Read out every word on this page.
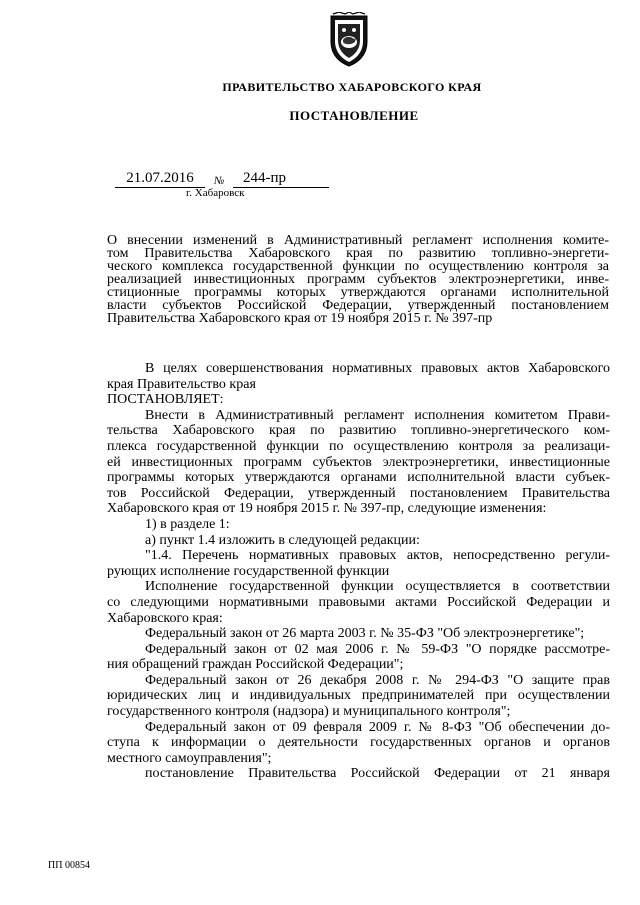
ПРАВИТЕЛЬСТВО ХАБАРОВСКОГО КРАЯ
ПОСТАНОВЛЕНИЕ
21.07.2016	№	244-пр
г. Хабаровск
О внесении изменений в Административный регламент исполнения комите-
том Правительства Хабаровского края по развитию топливно-энергети-
ческого комплекса государственной функции по осуществлению контроля за
реализацией инвестиционных программ субъектов электроэнергетики, инве-
стиционные программы которых утверждаются органами исполнительной
власти субъектов Российской Федерации, утвержденный постановлением
Правительства Хабаровского края от 19 ноября 2015 г. № 397-пр
В целях совершенствования нормативных правовых актов Хабаровского
края Правительство края
ПОСТАНОВЛЯЕТ:
Внести в Административный регламент исполнения комитетом Прави-
тельства Хабаровского края по развитию топливно-энергетического ком-
плекса государственной функции по осуществлению контроля за реализаци-
ей инвестиционных программ субъектов электроэнергетики, инвестиционные
программы которых утверждаются органами исполнительной власти субъек-
тов Российской Федерации, утвержденный постановлением Правительства
Хабаровского края от 19 ноября 2015 г. № 397-пр, следующие изменения:
1) в разделе 1:
а) пункт 1.4 изложить в следующей редакции:
"1.4. Перечень нормативных правовых актов, непосредственно регули-
рующих исполнение государственной функции
Исполнение государственной функции осуществляется в соответствии
со следующими нормативными правовыми актами Российской Федерации и
Хабаровского края:
Федеральный закон от 26 марта 2003 г. № 35-ФЗ "Об электроэнергетике";
Федеральный закон от 02 мая 2006 г. № 59-ФЗ "О порядке рассмотре-
ния обращений граждан Российской Федерации";
Федеральный закон от 26 декабря 2008 г. № 294-ФЗ "О защите прав
юридических лиц и индивидуальных предпринимателей при осуществлении
государственного контроля (надзора) и муниципального контроля";
Федеральный закон от 09 февраля 2009 г. № 8-ФЗ "Об обеспечении до-
ступа к информации о деятельности государственных органов и органов
местного самоуправления";
постановление Правительства Российской Федерации от 21 января
ПП 00854
